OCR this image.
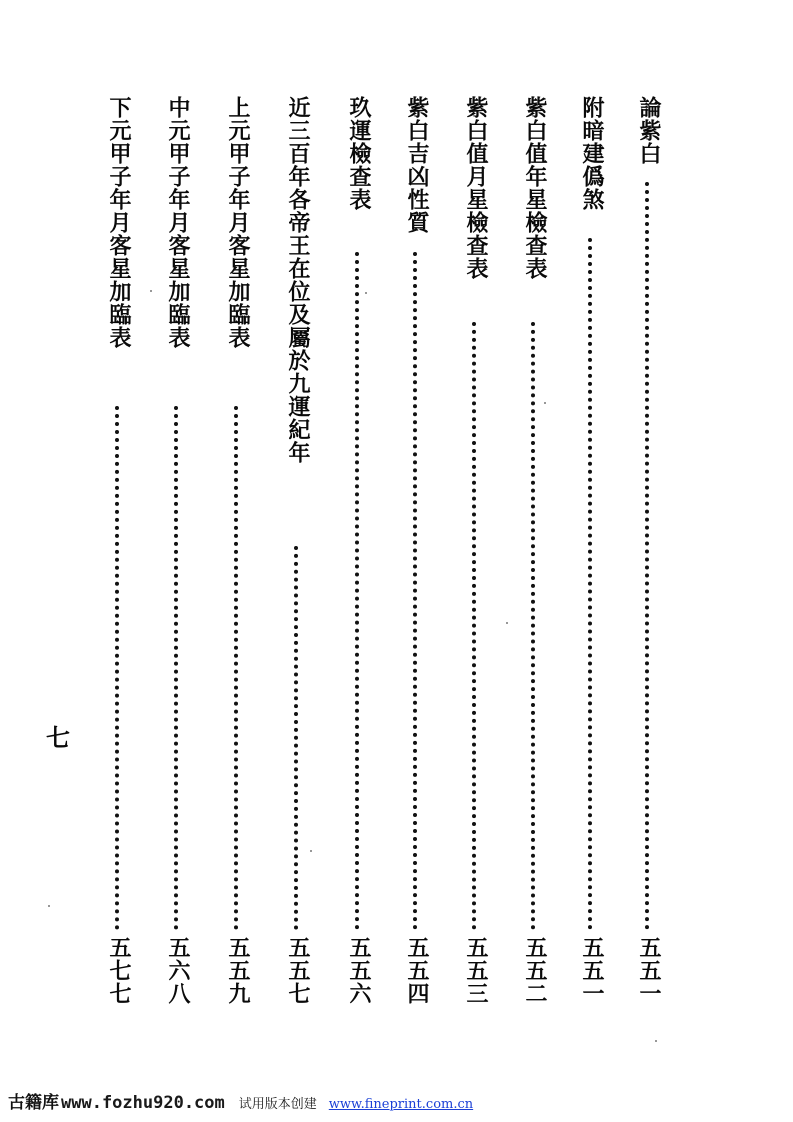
論紫白
五五一
附暗建僞煞
五五一
紫白值年星檢查表
五五二
紫白值月星檢查表
五五三
紫白吉凶性質
五五四
玖運檢查表
五五六
近三百年各帝王在位及屬於九運紀年
五五七
上元甲子年月客星加臨表
五五九
中元甲子年月客星加臨表
五六八
下元甲子年月客星加臨表
五七七
七
古籍库 www.fozhu920.com 试用版本创建 www.fineprint.com.cn
